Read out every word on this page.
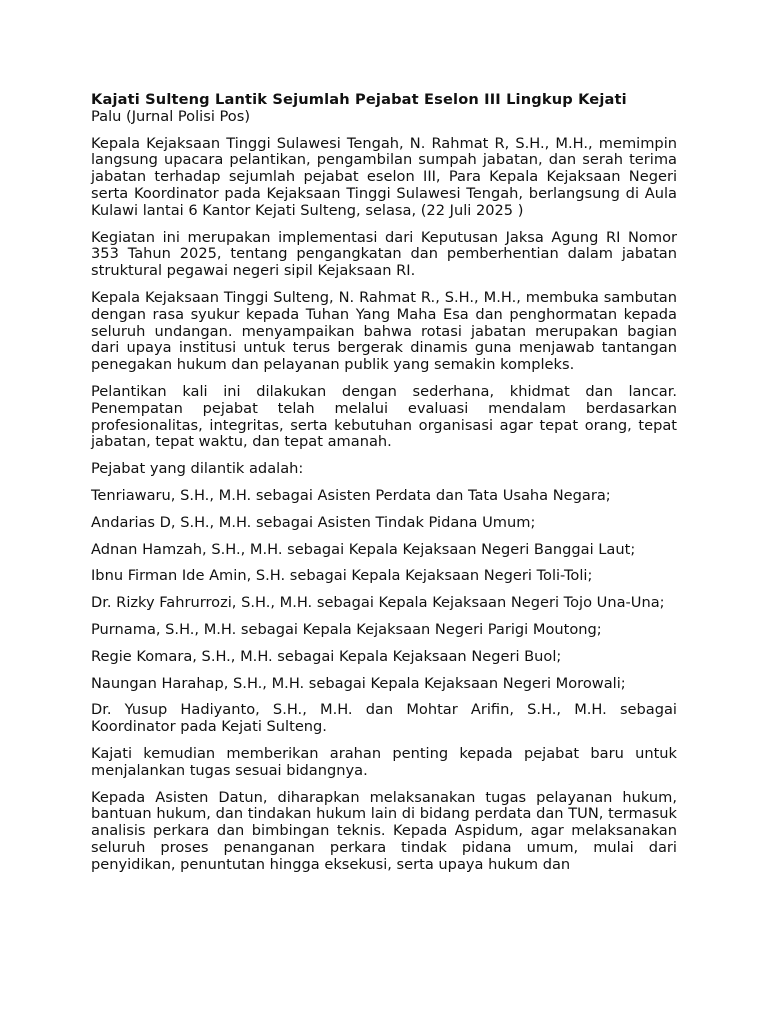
Kajati Sulteng Lantik Sejumlah Pejabat Eselon III Lingkup Kejati

Palu (Jurnal Polisi Pos)

Kepala Kejaksaan Tinggi Sulawesi Tengah, N. Rahmat R, S.H., M.H., memimpin langsung upacara pelantikan, pengambilan sumpah jabatan, dan serah terima jabatan terhadap sejumlah pejabat eselon III, Para Kepala Kejaksaan Negeri serta Koordinator pada Kejaksaan Tinggi Sulawesi Tengah, berlangsung di Aula Kulawi lantai 6 Kantor Kejati Sulteng, selasa, (22 Juli 2025 )

Kegiatan ini merupakan implementasi dari Keputusan Jaksa Agung RI Nomor 353 Tahun 2025, tentang pengangkatan dan pemberhentian dalam jabatan struktural pegawai negeri sipil Kejaksaan RI.

Kepala Kejaksaan Tinggi Sulteng, N. Rahmat R., S.H., M.H., membuka sambutan dengan rasa syukur kepada Tuhan Yang Maha Esa dan penghormatan kepada seluruh undangan. menyampaikan bahwa rotasi jabatan merupakan bagian dari upaya institusi untuk terus bergerak dinamis guna menjawab tantangan penegakan hukum dan pelayanan publik yang semakin kompleks.

Pelantikan kali ini dilakukan dengan sederhana, khidmat dan lancar. Penempatan pejabat telah melalui evaluasi mendalam berdasarkan profesionalitas, integritas, serta kebutuhan organisasi agar tepat orang, tepat jabatan, tepat waktu, dan tepat amanah.

Pejabat yang dilantik adalah:

Tenriawaru, S.H., M.H. sebagai Asisten Perdata dan Tata Usaha Negara;

Andarias D, S.H., M.H. sebagai Asisten Tindak Pidana Umum;

Adnan Hamzah, S.H., M.H. sebagai Kepala Kejaksaan Negeri Banggai Laut;

Ibnu Firman Ide Amin, S.H. sebagai Kepala Kejaksaan Negeri Toli-Toli;

Dr. Rizky Fahrurrozi, S.H., M.H. sebagai Kepala Kejaksaan Negeri Tojo Una-Una;

Purnama, S.H., M.H. sebagai Kepala Kejaksaan Negeri Parigi Moutong;

Regie Komara, S.H., M.H. sebagai Kepala Kejaksaan Negeri Buol;

Naungan Harahap, S.H., M.H. sebagai Kepala Kejaksaan Negeri Morowali;

Dr. Yusup Hadiyanto, S.H., M.H. dan Mohtar Arifin, S.H., M.H. sebagai Koordinator pada Kejati Sulteng.

Kajati kemudian memberikan arahan penting kepada pejabat baru untuk menjalankan tugas sesuai bidangnya.

Kepada Asisten Datun, diharapkan melaksanakan tugas pelayanan hukum, bantuan hukum, dan tindakan hukum lain di bidang perdata dan TUN, termasuk analisis perkara dan bimbingan teknis. Kepada Aspidum, agar melaksanakan seluruh proses penanganan perkara tindak pidana umum, mulai dari penyidikan, penuntutan hingga eksekusi, serta upaya hukum dan
